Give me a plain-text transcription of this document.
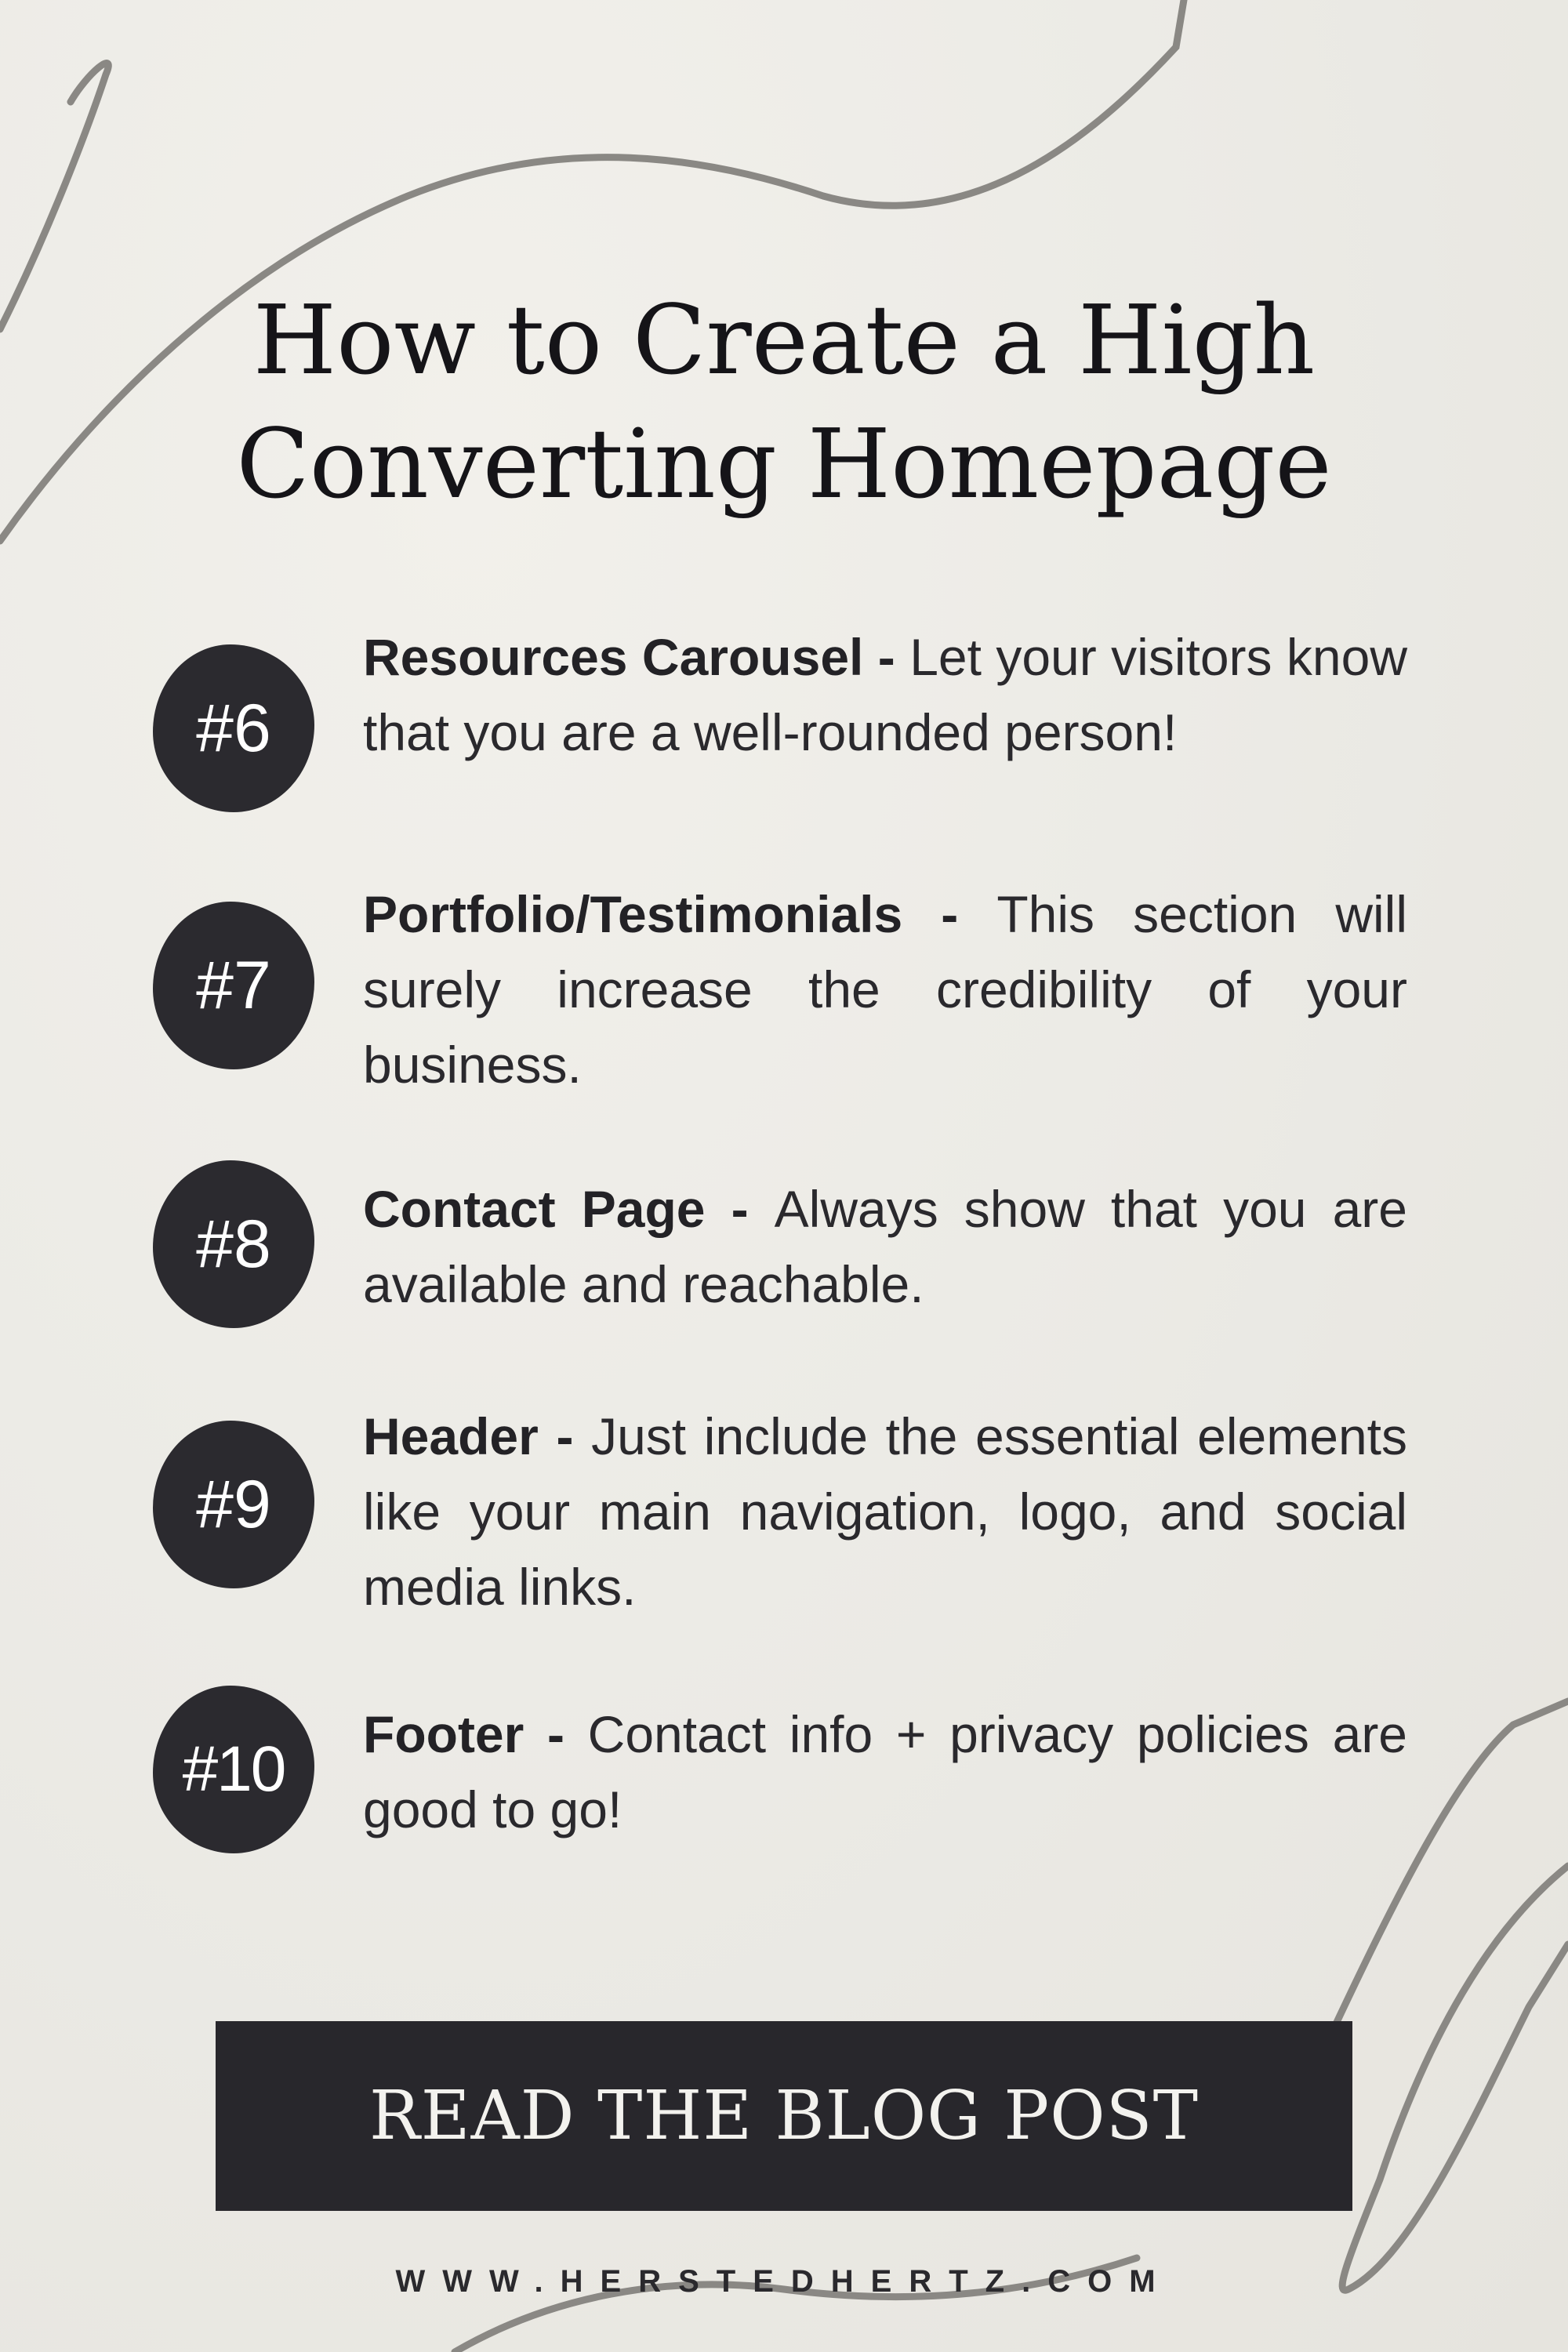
How to Create a High
Converting Homepage
#6

Resources Carousel - Let your visitors know that you are a well-rounded person!

#7

Portfolio/Testimonials - This section will surely increase the credibility of your business.

#8	Contact Page - Always show that you are available and reachable.

#9

Header - Just include the essential elements like your main navigation, logo, and social media links.

#10	Footer - Contact info + privacy policies are good to go!

READ THE BLOG POST
WWW.HERSTEDHERTZ.COM
